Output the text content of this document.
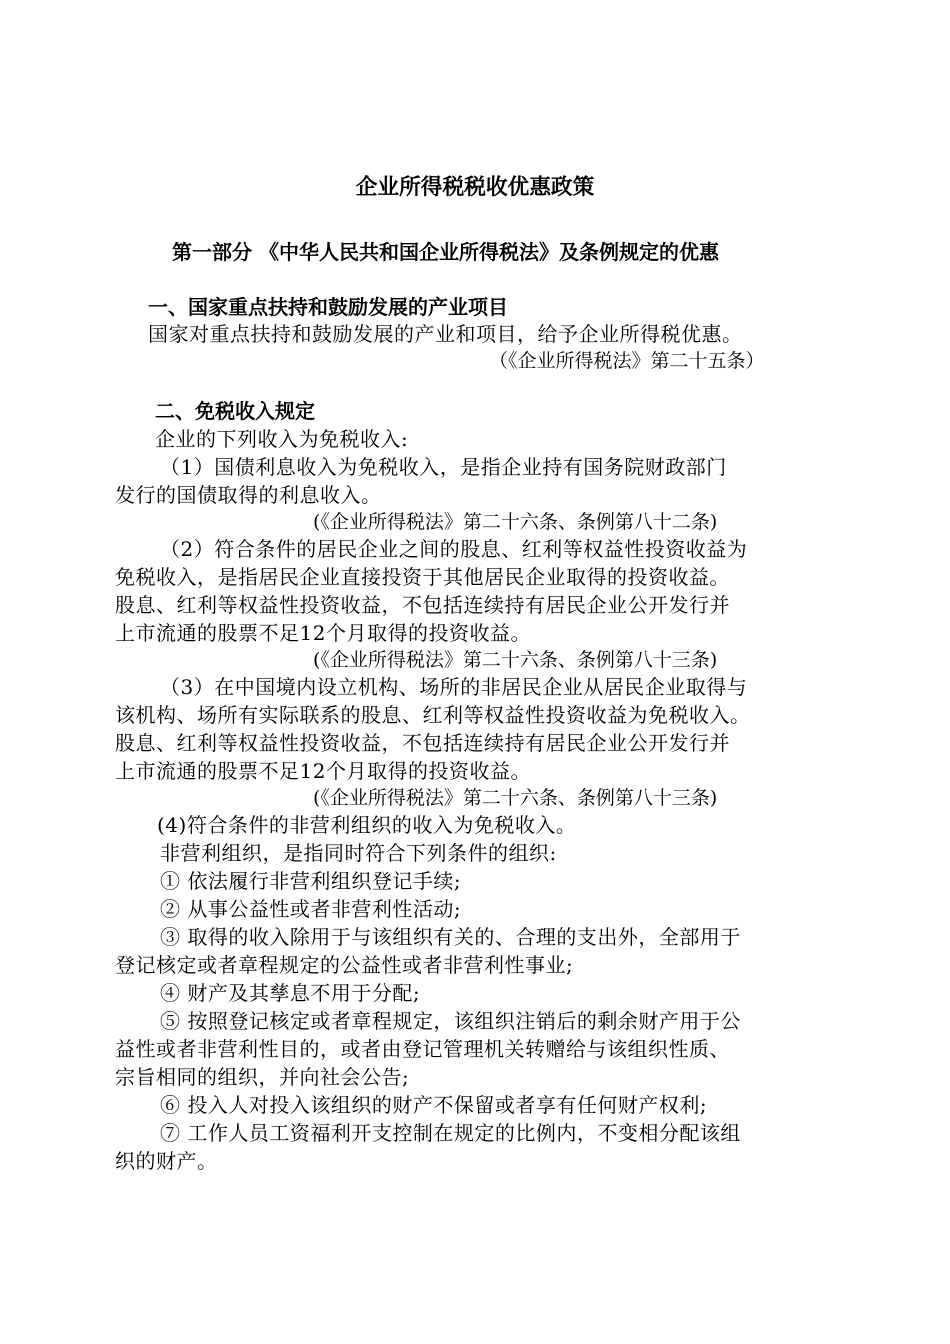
企业所得税税收优惠政策
第一部分 《中华人民共和国企业所得税法》及条例规定的优惠
一、国家重点扶持和鼓励发展的产业项目
国家对重点扶持和鼓励发展的产业和项目，给予企业所得税优惠。
（《企业所得税法》第二十五条）
二、免税收入规定
企业的下列收入为免税收入:
（1）国债利息收入为免税收入，是指企业持有国务院财政部门
发行的国债取得的利息收入。
(《企业所得税法》第二十六条、条例第八十二条)
（2）符合条件的居民企业之间的股息、红利等权益性投资收益为
免税收入，是指居民企业直接投资于其他居民企业取得的投资收益。
股息、红利等权益性投资收益，不包括连续持有居民企业公开发行并
上市流通的股票不足12个月取得的投资收益。
(《企业所得税法》第二十六条、条例第八十三条)
（3）在中国境内设立机构、场所的非居民企业从居民企业取得与
该机构、场所有实际联系的股息、红利等权益性投资收益为免税收入。
股息、红利等权益性投资收益，不包括连续持有居民企业公开发行并
上市流通的股票不足12个月取得的投资收益。
(《企业所得税法》第二十六条、条例第八十三条)
(4)符合条件的非营利组织的收入为免税收入。
非营利组织，是指同时符合下列条件的组织:
① 依法履行非营利组织登记手续;
② 从事公益性或者非营利性活动;
③ 取得的收入除用于与该组织有关的、合理的支出外，全部用于
登记核定或者章程规定的公益性或者非营利性事业;
④ 财产及其孳息不用于分配;
⑤ 按照登记核定或者章程规定，该组织注销后的剩余财产用于公
益性或者非营利性目的，或者由登记管理机关转赠给与该组织性质、
宗旨相同的组织，并向社会公告;
⑥ 投入人对投入该组织的财产不保留或者享有任何财产权利;
⑦ 工作人员工资福利开支控制在规定的比例内，不变相分配该组
织的财产。
